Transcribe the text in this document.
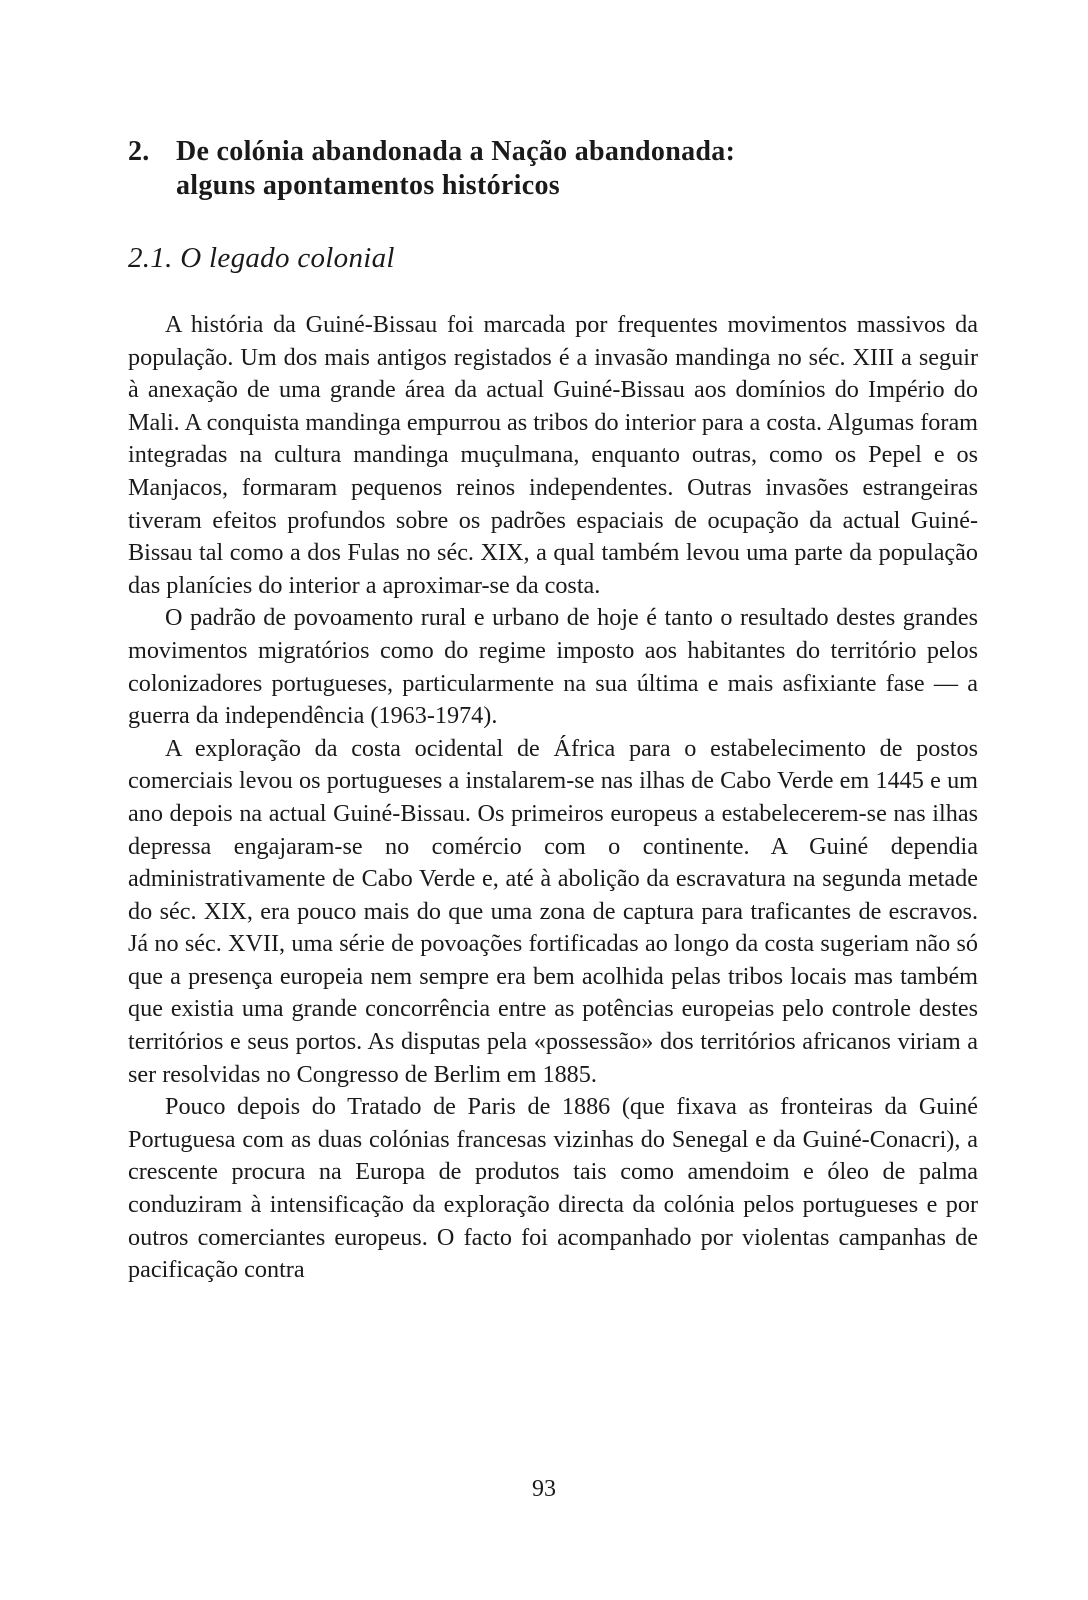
2. De colónia abandonada a Nação abandonada:
alguns apontamentos históricos
2.1. O legado colonial

A história da Guiné-Bissau foi marcada por frequentes movimentos massivos da população. Um dos mais antigos registados é a invasão mandinga no séc. XIII a seguir à anexação de uma grande área da actual Guiné-Bissau aos domínios do Império do Mali. A conquista mandinga empurrou as tribos do interior para a costa. Algumas foram integradas na cultura mandinga muçulmana, enquanto outras, como os Pepel e os Manjacos, formaram pequenos reinos independentes. Outras invasões estrangeiras tiveram efeitos profundos sobre os padrões espaciais de ocupação da actual Guiné-Bissau tal como a dos Fulas no séc. XIX, a qual também levou uma parte da população das planícies do interior a aproximar-se da costa.

O padrão de povoamento rural e urbano de hoje é tanto o resultado destes grandes movimentos migratórios como do regime imposto aos habitantes do território pelos colonizadores portugueses, particularmente na sua última e mais asfixiante fase — a guerra da independência (1963-1974).

A exploração da costa ocidental de África para o estabelecimento de postos comerciais levou os portugueses a instalarem-se nas ilhas de Cabo Verde em 1445 e um ano depois na actual Guiné-Bissau. Os primeiros europeus a estabelecerem-se nas ilhas depressa engajaram-se no comércio com o continente. A Guiné dependia administrativamente de Cabo Verde e, até à abolição da escravatura na segunda metade do séc. XIX, era pouco mais do que uma zona de captura para traficantes de escravos. Já no séc. XVII, uma série de povoações fortificadas ao longo da costa sugeriam não só que a presença europeia nem sempre era bem acolhida pelas tribos locais mas também que existia uma grande concorrência entre as potências europeias pelo controle destes territórios e seus portos. As disputas pela «possessão» dos territórios africanos viriam a ser resolvidas no Congresso de Berlim em 1885.

Pouco depois do Tratado de Paris de 1886 (que fixava as fronteiras da Guiné Portuguesa com as duas colónias francesas vizinhas do Senegal e da Guiné-Conacri), a crescente procura na Europa de produtos tais como amendoim e óleo de palma conduziram à intensificação da exploração directa da colónia pelos portugueses e por outros comerciantes europeus. O facto foi acompanhado por violentas campanhas de pacificação contra

93
